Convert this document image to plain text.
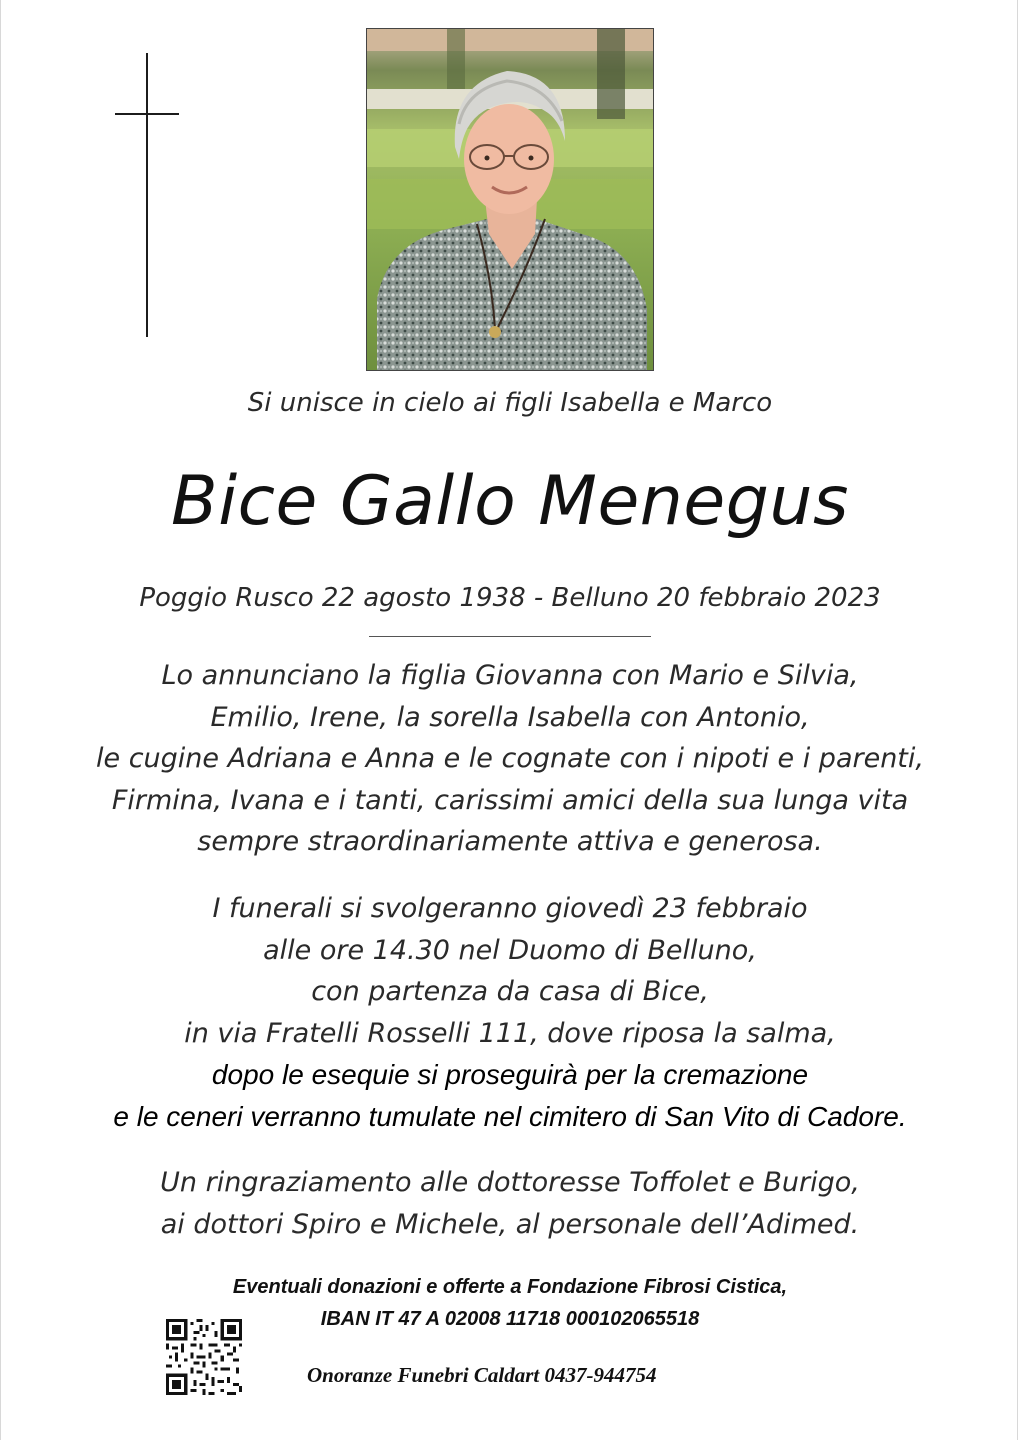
Si unisce in cielo ai figli Isabella e Marco
Bice Gallo Menegus
Poggio Rusco 22 agosto 1938 - Belluno 20 febbraio 2023
Lo annunciano la figlia Giovanna con Mario e Silvia,
Emilio, Irene, la sorella Isabella con Antonio,
le cugine Adriana e Anna e le cognate con i nipoti e i parenti,
Firmina, Ivana e i tanti, carissimi amici della sua lunga vita
sempre straordinariamente attiva e generosa.
I funerali si svolgeranno giovedì 23 febbraio
alle ore 14.30 nel Duomo di Belluno,
con partenza da casa di Bice,
in via Fratelli Rosselli 111, dove riposa la salma,
dopo le esequie si proseguirà per la cremazione
e le ceneri verranno tumulate nel cimitero di San Vito di Cadore.
Un ringraziamento alle dottoresse Toffolet e Burigo,
ai dottori Spiro e Michele, al personale dell’Adimed.
Eventuali donazioni e offerte a Fondazione Fibrosi Cistica,
IBAN IT 47 A 02008 11718 000102065518
Onoranze Funebri Caldart 0437-944754
